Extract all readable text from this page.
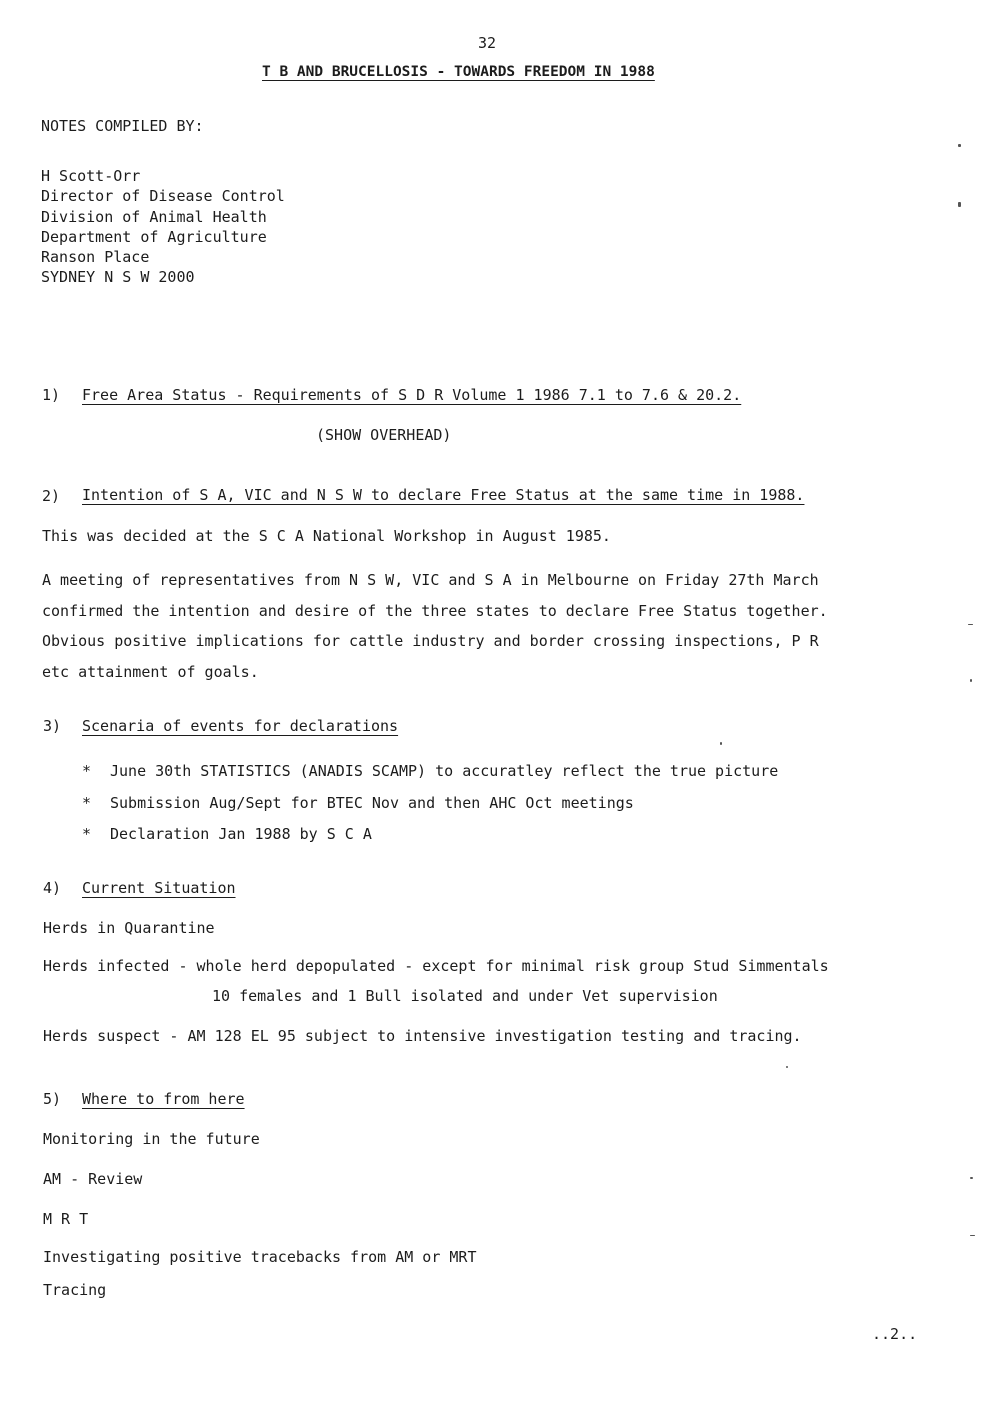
32
T B AND BRUCELLOSIS - TOWARDS FREEDOM IN 1988
NOTES COMPILED BY:
H Scott-Orr
Director of Disease Control
Division of Animal Health
Department of Agriculture
Ranson Place
SYDNEY N S W 2000
1) Free Area Status - Requirements of S D R Volume 1 1986 7.1 to 7.6 & 20.2.
(SHOW OVERHEAD)
2) Intention of S A, VIC and N S W to declare Free Status at the same time in 1988.
This was decided at the S C A National Workshop in August 1985.
A meeting of representatives from N S W, VIC and S A in Melbourne on Friday 27th March
confirmed the intention and desire of the three states to declare Free Status together.
Obvious positive implications for cattle industry and border crossing inspections, P R
etc attainment of goals.
3) Scenaria of events for declarations
* June 30th STATISTICS (ANADIS SCAMP) to accuratley reflect the true picture
* Submission Aug/Sept for BTEC Nov and then AHC Oct meetings
* Declaration Jan 1988 by S C A
4) Current Situation
Herds in Quarantine
Herds infected - whole herd depopulated - except for minimal risk group Stud Simmentals
10 females and 1 Bull isolated and under Vet supervision
Herds suspect - AM 128 EL 95 subject to intensive investigation testing and tracing.
5) Where to from here
Monitoring in the future
AM - Review
M R T
Investigating positive tracebacks from AM or MRT
Tracing
..2..
